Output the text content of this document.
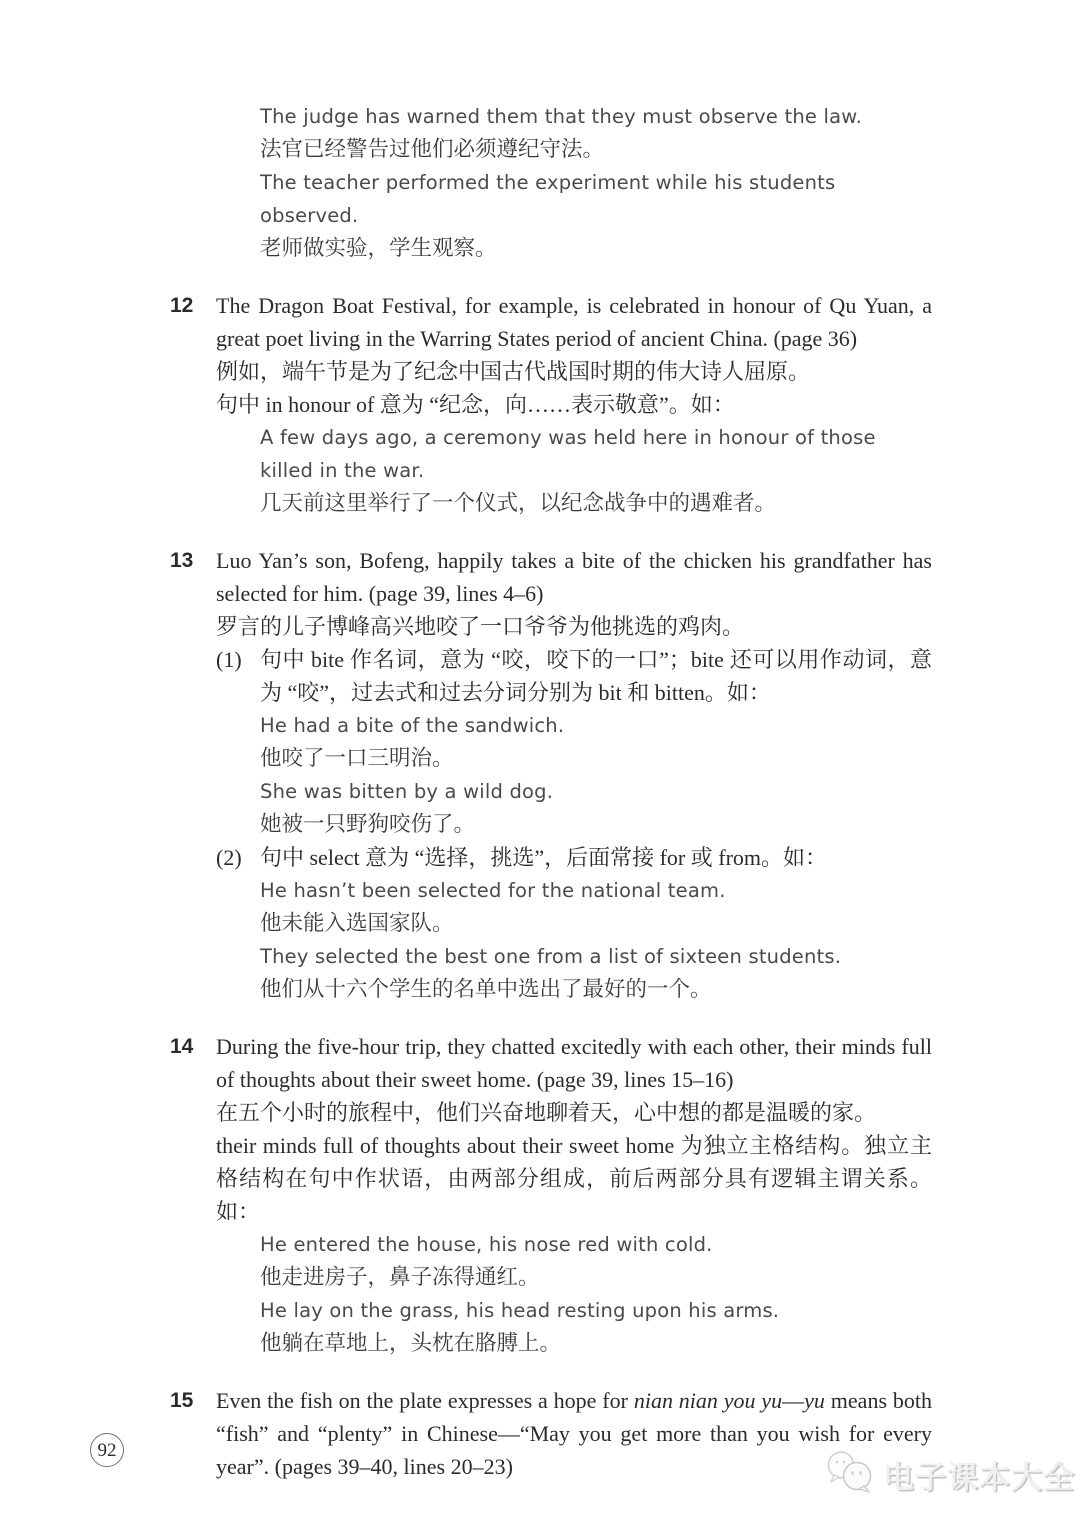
The judge has warned them that they must observe the law.
法官已经警告过他们必须遵纪守法。
The teacher performed the experiment while his students observed.
老师做实验，学生观察。
12	The Dragon Boat Festival, for example, is celebrated in honour of Qu Yuan, a great poet living in the Warring States period of ancient China. (page 36)

例如，端午节是为了纪念中国古代战国时期的伟大诗人屈原。
句中 in honour of 意为 “纪念，向……表示敬意”。如：
A few days ago, a ceremony was held here in honour of those killed in the war.
几天前这里举行了一个仪式，以纪念战争中的遇难者。
13	Luo Yan’s son, Bofeng, happily takes a bite of the chicken his grandfather has selected for him. (page 39, lines 4–6)

罗言的儿子博峰高兴地咬了一口爷爷为他挑选的鸡肉。
(1) 句中 bite 作名词，意为 “咬，咬下的一口”；bite 还可以用作动词，意为 “咬”，过去式和过去分词分别为 bit 和 bitten。如：

He had a bite of the sandwich.
他咬了一口三明治。
She was bitten by a wild dog.
她被一只野狗咬伤了。
(2) 句中 select 意为 “选择，挑选”，后面常接 for 或 from。如：

He hasn’t been selected for the national team.
他未能入选国家队。
They selected the best one from a list of sixteen students.
他们从十六个学生的名单中选出了最好的一个。
14	During the five-hour trip, they chatted excitedly with each other, their minds full of thoughts about their sweet home. (page 39, lines 15–16)

在五个小时的旅程中，他们兴奋地聊着天，心中想的都是温暖的家。
their minds full of thoughts about their sweet home 为独立主格结构。独立主格结构在句中作状语，由两部分组成，前后两部分具有逻辑主谓关系。如：
He entered the house, his nose red with cold.
他走进房子，鼻子冻得通红。
He lay on the grass, his head resting upon his arms.
他躺在草地上，头枕在胳膊上。
15	Even the fish on the plate expresses a hope for nian nian you yu—yu means both “fish” and “plenty” in Chinese—“May you get more than you wish for every year”. (pages 39–40, lines 20–23)

92
电子课本大全
